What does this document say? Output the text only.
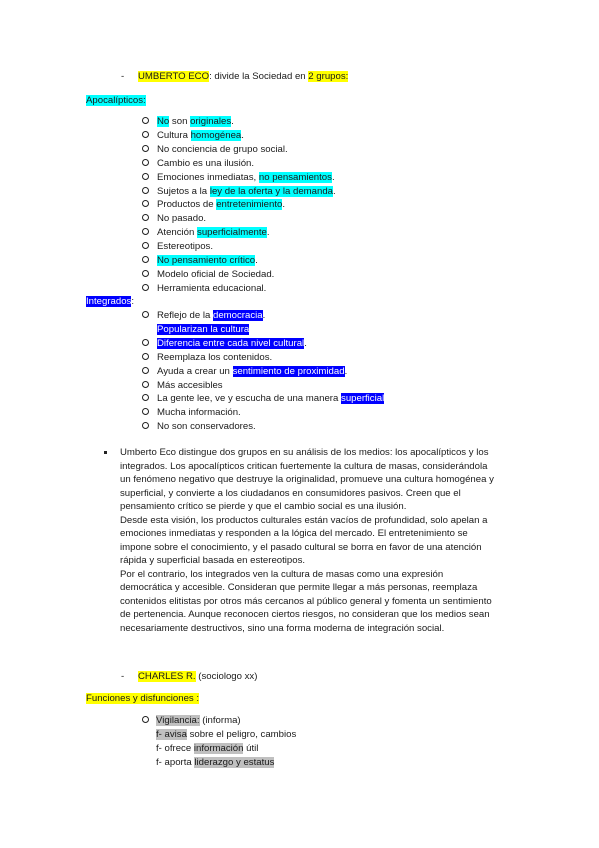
- UMBERTO ECO: divide la Sociedad en 2 grupos:
Apocalípticos:
No son originales.
Cultura homogénea.
No conciencia de grupo social.
Cambio es una ilusión.
Emociones inmediatas, no pensamientos.
Sujetos a la ley de la oferta y la demanda.
Productos de entretenimiento.
No pasado.
Atención superficialmente.
Estereotipos.
No pensamiento crítico.
Modelo oficial de Sociedad.
Herramienta educacional.
Integrados:
Reflejo de la democracia.
Popularizan la cultura
Diferencia entre cada nivel cultural.
Reemplaza los contenidos.
Ayuda a crear un sentimiento de proximidad.
Más accesibles
La gente lee, ve y escucha de una manera superficial
Mucha información.
No son conservadores.
Umberto Eco distingue dos grupos en su análisis de los medios: los apocalípticos y los
integrados. Los apocalípticos critican fuertemente la cultura de masas, considerándola
un fenómeno negativo que destruye la originalidad, promueve una cultura homogénea y
superficial, y convierte a los ciudadanos en consumidores pasivos. Creen que el
pensamiento crítico se pierde y que el cambio social es una ilusión.
Desde esta visión, los productos culturales están vacíos de profundidad, solo apelan a
emociones inmediatas y responden a la lógica del mercado. El entretenimiento se
impone sobre el conocimiento, y el pasado cultural se borra en favor de una atención
rápida y superficial basada en estereotipos.
Por el contrario, los integrados ven la cultura de masas como una expresión
democrática y accesible. Consideran que permite llegar a más personas, reemplaza
contenidos elitistas por otros más cercanos al público general y fomenta un sentimiento
de pertenencia. Aunque reconocen ciertos riesgos, no consideran que los medios sean
necesariamente destructivos, sino una forma moderna de integración social.
- CHARLES R. (sociologo xx)
Funciones y disfunciones :
Vigilancia: (informa)
f- avisa sobre el peligro, cambios
f- ofrece información útil
f- aporta liderazgo y estatus
